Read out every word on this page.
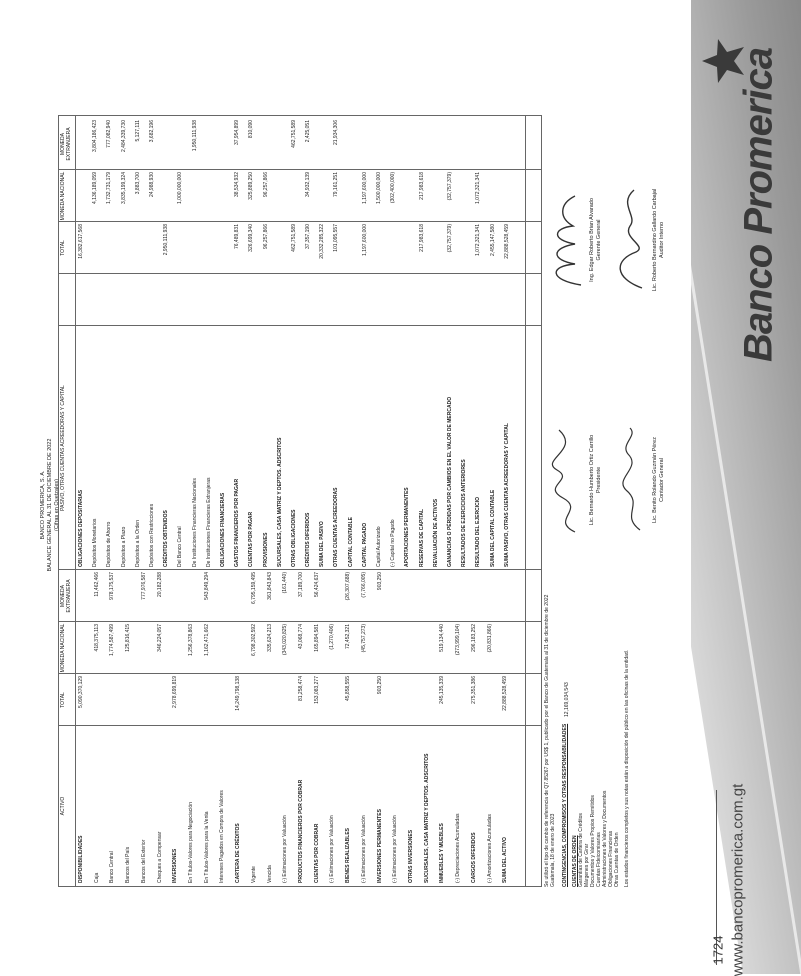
Banco Promerica
www.bancopromerica.com.gt
1724
BANCO PROMERICA, S. A. BALANCE GENERAL AL 31 DE DICIEMBRE DE 2022 (Cifras en Quetzales)
ACTIVO
TOTAL
MONEDA NACIONAL
MONEDA EXTRANJERA
PASIVO, OTRAS CUENTAS ACREEDORAS Y CAPITAL
TOTAL
MONEDA NACIONAL
MONEDA EXTRANJERA
DISPONIBILIDADES
5,090,370,129
Caja
418,375,113
11,462,466
Banco Central
1,774,587,499
978,175,537
Bancos del País
125,816,415
Bancos del Exterior
777,976,587
Cheques a Compensar
346,224,057
20,182,288
INVERSIONES
2,978,699,819
En Títulos-Valores para Negociación
1,256,378,863
En Títulos-Valores para la Venta
1,162,471,662
543,849,294
Intereses Pagados en Compra de Valores CARTERA DE CRÉDITOS
14,249,798,138
Vigente
6,798,302,592
6,795,159,495
Vencida
335,624,213
361,843,843
(-) Estimaciones por Valuación
(343,020,825)
(161,440)
PRODUCTOS FINANCIEROS POR COBRAR
81,258,474
43,068,774
37,189,700
CUENTAS POR COBRAR
153,083,277
165,894,581
56,424,637
(-) Estimaciones por Valuación
(1,270,406)
BIENES REALIZABLES
45,858,555
72,452,321
(26,307,688)
(-) Estimaciones por Valuación
(45,757,273)
(7,766,005)
INVERSIONES PERMANENTES
903,250
903,250
(-) Estimaciones por Valuación OTRAS INVERSIONES SUCURSALES, CASA MATRIZ Y DEPTOS. ADSCRITOS INMUEBLES Y MUEBLES
245,135,339
519,134,440
(-) Depreciaciones Acumuladas
(273,999,104)
CARGOS DIFERIDOS
275,351,386
296,183,252
(-) Amortizaciones Acumuladas
(20,831,866)
SUMA DEL ACTIVO
22,888,528,459
OBLIGACIONES DEPOSITARIAS
16,382,617,568
Depósitos Monetarios
4,136,189,059
3,804,186,423
Depósitos de Ahorro
1,732,731,179
777,082,940
Depósitos a Plazo
3,835,199,324
2,484,339,730
Depósitos a la Orden
3,883,700
5,127,111
Depósitos con Restricciones
24,988,930
3,682,196
CRÉDITOS OBTENIDOS
2,950,111,938
Del Banco Central
1,000,000,000
De Instituciones Financieras Nacionales
1,950,111,938
De Instituciones Financieras Extranjeras OBLIGACIONES FINANCIERAS GASTOS FINANCIEROS POR PAGAR
76,489,831
38,534,932
37,954,899
CUENTAS POR PAGAR
326,699,340
325,889,250
810,090
PROVISIONES
96,257,866
96,257,866
SUCURSALES, CASA MATRIZ Y DEPTOS. ADSCRITOS OTRAS OBLIGACIONES
462,751,589
462,751,589
CRÉDITOS DIFERIDOS
37,357,190
34,932,139
2,425,051
SUMA DEL PASIVO
20,332,285,322
OTRAS CUENTAS ACREEDORAS
101,095,557
79,161,251
21,934,306
CAPITAL CONTABLE CAPITAL PAGADO
1,197,600,000
1,197,600,000
Capital Autorizado
1,500,000,000
(-) Capital no Pagado
(302,400,000)
APORTACIONES PERMANENTES RESERVAS DE CAPITAL
217,983,618
217,983,618
REVALUACIÓN DE ACTIVOS GANANCIAS O PÉRDIDAS POR CAMBIOS EN EL VALOR DE MERCADO
(32,757,379)
(32,757,379)
RESULTADOS DE EJERCICIOS ANTERIORES RESULTADO DEL EJERCICIO
1,072,321,341
1,072,321,341
SUMA DEL CAPITAL CONTABLE
2,455,147,580
SUMA PASIVO, OTRAS CUENTAS ACREEDORAS Y CAPITAL
22,888,528,459
Se utilizó el tipo de cambio de referencia de Q7.85267 por US$ 1, publicado por el Banco de Guatemala al 31 de diciembre de 2022 Guatemala, 18 de enero de 2023 CONTINGENCIAS, COMPROMISOS Y OTRAS RESPONSABILIDADES
12,169,034,543
CUENTAS DE ORDEN Garantías de Cartera de Créditos Márgenes por Girar Documentos y Valores Propios Remitidos Cuentas Fideicomisarias Administraciones de Valores y Documentos Obligaciones Financieras Otras Cuentas de Orden Los estados financieros completos y sus notas están a disposición del público en las oficinas de la entidad.
Lic. Bernardo Humberto Ortiz Carrillo Presidente	Lic. Benito Rolando Guzmán Pérez Contador General
Ing. Edgar Roberto Brian Alvarado Gerente General	Lic. Roberto Bernardino Gallardo Carbajal Auditor Interno
